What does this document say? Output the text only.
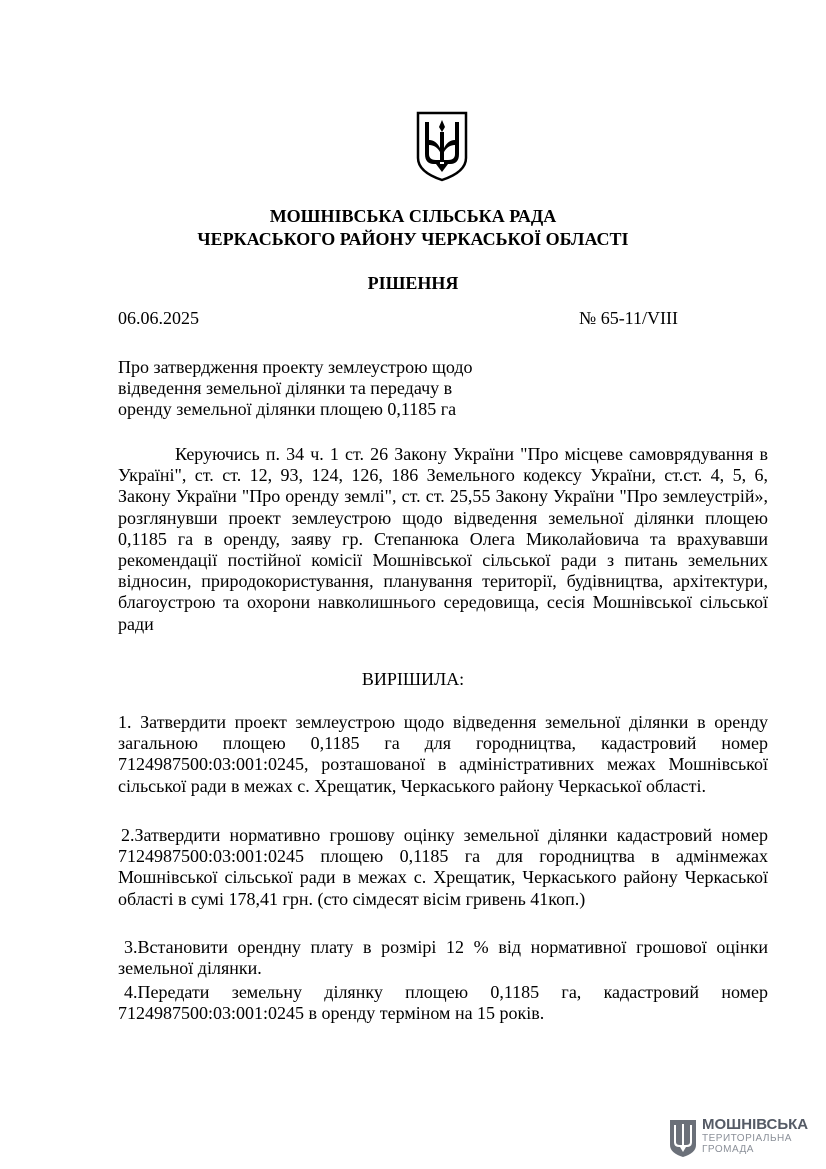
МОШНІВСЬКА СІЛЬСЬКА РАДА
ЧЕРКАСЬКОГО РАЙОНУ ЧЕРКАСЬКОЇ ОБЛАСТІ
РІШЕННЯ
06.06.2025	№ 65-11/VIII
Про затвердження проекту землеустрою щодо
відведення земельної ділянки та передачу в
оренду земельної ділянки площею 0,1185 га
Керуючись п. 34 ч. 1 ст. 26 Закону України "Про місцеве самоврядування в Україні", ст. ст. 12, 93, 124, 126, 186 Земельного кодексу України, ст.ст. 4, 5, 6, Закону України "Про оренду землі", ст. ст. 25,55 Закону України "Про землеустрій», розглянувши проект землеустрою щодо відведення земельної ділянки площею 0,1185 га в оренду, заяву гр. Степанюка Олега Миколайовича та врахувавши рекомендації постійної комісії Мошнівської сільської ради з питань земельних відносин, природокористування, планування території, будівництва, архітектури, благоустрою та охорони навколишнього середовища, сесія Мошнівської сільської ради
ВИРІШИЛА:
1. Затвердити проект землеустрою щодо відведення земельної ділянки в оренду загальною площею 0,1185 га для городництва, кадастровий номер 7124987500:03:001:0245, розташованої в адміністративних межах Мошнівської сільської ради в межах с. Хрещатик, Черкаського району Черкаської області.
2.Затвердити нормативно грошову оцінку земельної ділянки кадастровий номер 7124987500:03:001:0245 площею 0,1185 га для городництва в адмінмежах Мошнівської сільської ради в межах с. Хрещатик, Черкаського району Черкаської області в сумі 178,41 грн. (сто сімдесят вісім гривень 41коп.)
3.Встановити орендну плату в розмірі 12 % від нормативної грошової оцінки земельної ділянки.
4.Передати земельну ділянку площею 0,1185 га, кадастровий номер 7124987500:03:001:0245 в оренду терміном на 15 років.
МОШНІВСЬКА
ТЕРИТОРІАЛЬНА
ГРОМАДА
